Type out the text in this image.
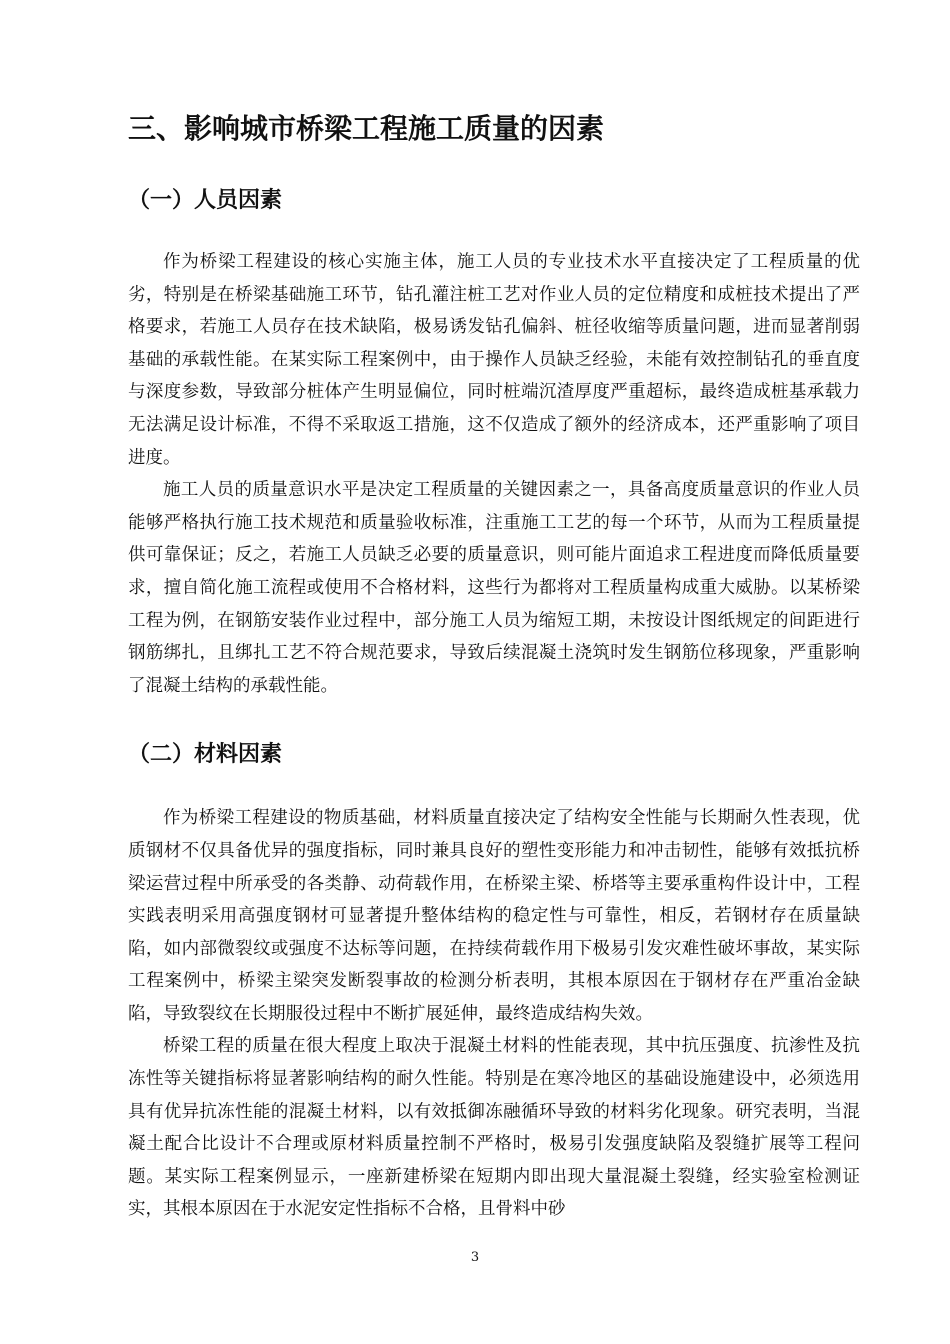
三、影响城市桥梁工程施工质量的因素
（一）人员因素

作为桥梁工程建设的核心实施主体，施工人员的专业技术水平直接决定了工程质量的优劣，特别是在桥梁基础施工环节，钻孔灌注桩工艺对作业人员的定位精度和成桩技术提出了严格要求，若施工人员存在技术缺陷，极易诱发钻孔偏斜、桩径收缩等质量问题，进而显著削弱基础的承载性能。在某实际工程案例中，由于操作人员缺乏经验，未能有效控制钻孔的垂直度与深度参数，导致部分桩体产生明显偏位，同时桩端沉渣厚度严重超标，最终造成桩基承载力无法满足设计标准，不得不采取返工措施，这不仅造成了额外的经济成本，还严重影响了项目进度。

施工人员的质量意识水平是决定工程质量的关键因素之一，具备高度质量意识的作业人员能够严格执行施工技术规范和质量验收标准，注重施工工艺的每一个环节，从而为工程质量提供可靠保证；反之，若施工人员缺乏必要的质量意识，则可能片面追求工程进度而降低质量要求，擅自简化施工流程或使用不合格材料，这些行为都将对工程质量构成重大威胁。以某桥梁工程为例，在钢筋安装作业过程中，部分施工人员为缩短工期，未按设计图纸规定的间距进行钢筋绑扎，且绑扎工艺不符合规范要求，导致后续混凝土浇筑时发生钢筋位移现象，严重影响了混凝土结构的承载性能。

（二）材料因素

作为桥梁工程建设的物质基础，材料质量直接决定了结构安全性能与长期耐久性表现，优质钢材不仅具备优异的强度指标，同时兼具良好的塑性变形能力和冲击韧性，能够有效抵抗桥梁运营过程中所承受的各类静、动荷载作用，在桥梁主梁、桥塔等主要承重构件设计中，工程实践表明采用高强度钢材可显著提升整体结构的稳定性与可靠性，相反，若钢材存在质量缺陷，如内部微裂纹或强度不达标等问题，在持续荷载作用下极易引发灾难性破坏事故，某实际工程案例中，桥梁主梁突发断裂事故的检测分析表明，其根本原因在于钢材存在严重冶金缺陷，导致裂纹在长期服役过程中不断扩展延伸，最终造成结构失效。

桥梁工程的质量在很大程度上取决于混凝土材料的性能表现，其中抗压强度、抗渗性及抗冻性等关键指标将显著影响结构的耐久性能。特别是在寒冷地区的基础设施建设中，必须选用具有优异抗冻性能的混凝土材料，以有效抵御冻融循环导致的材料劣化现象。研究表明，当混凝土配合比设计不合理或原材料质量控制不严格时，极易引发强度缺陷及裂缝扩展等工程问题。某实际工程案例显示，一座新建桥梁在短期内即出现大量混凝土裂缝，经实验室检测证实，其根本原因在于水泥安定性指标不合格，且骨料中砂

3
